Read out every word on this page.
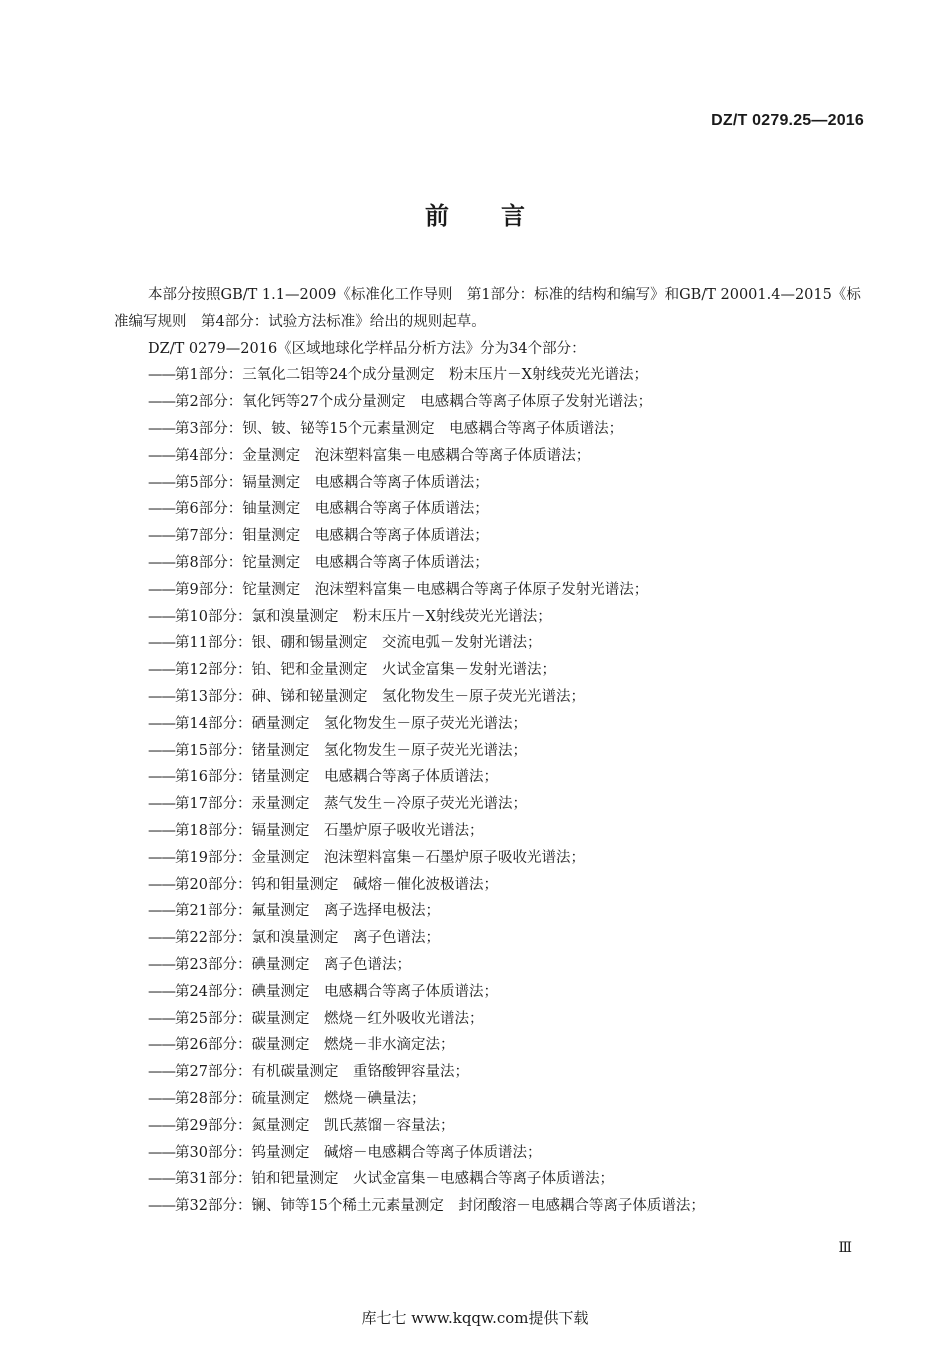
DZ/T 0279.25—2016
前言

本部分按照GB/T 1.1—2009《标准化工作导则　第1部分：标准的结构和编写》和GB/T 20001.4—2015《标准编写规则　第4部分：试验方法标准》给出的规则起草。

DZ/T 0279—2016《区域地球化学样品分析方法》分为34个部分：

——第1部分：三氧化二铝等24个成分量测定　粉末压片－X射线荧光光谱法；
——第2部分：氧化钙等27个成分量测定　电感耦合等离子体原子发射光谱法；
——第3部分：钡、铍、铋等15个元素量测定　电感耦合等离子体质谱法；
——第4部分：金量测定　泡沫塑料富集－电感耦合等离子体质谱法；
——第5部分：镉量测定　电感耦合等离子体质谱法；
——第6部分：铀量测定　电感耦合等离子体质谱法；
——第7部分：钼量测定　电感耦合等离子体质谱法；
——第8部分：铊量测定　电感耦合等离子体质谱法；
——第9部分：铊量测定　泡沫塑料富集－电感耦合等离子体原子发射光谱法；
——第10部分：氯和溴量测定　粉末压片－X射线荧光光谱法；
——第11部分：银、硼和锡量测定　交流电弧－发射光谱法；
——第12部分：铂、钯和金量测定　火试金富集－发射光谱法；
——第13部分：砷、锑和铋量测定　氢化物发生－原子荧光光谱法；
——第14部分：硒量测定　氢化物发生－原子荧光光谱法；
——第15部分：锗量测定　氢化物发生－原子荧光光谱法；
——第16部分：锗量测定　电感耦合等离子体质谱法；
——第17部分：汞量测定　蒸气发生－冷原子荧光光谱法；
——第18部分：镉量测定　石墨炉原子吸收光谱法；
——第19部分：金量测定　泡沫塑料富集－石墨炉原子吸收光谱法；
——第20部分：钨和钼量测定　碱熔－催化波极谱法；
——第21部分：氟量测定　离子选择电极法；
——第22部分：氯和溴量测定　离子色谱法；
——第23部分：碘量测定　离子色谱法；
——第24部分：碘量测定　电感耦合等离子体质谱法；
——第25部分：碳量测定　燃烧－红外吸收光谱法；
——第26部分：碳量测定　燃烧－非水滴定法；
——第27部分：有机碳量测定　重铬酸钾容量法；
——第28部分：硫量测定　燃烧－碘量法；
——第29部分：氮量测定　凯氏蒸馏－容量法；
——第30部分：钨量测定　碱熔－电感耦合等离子体质谱法；
——第31部分：铂和钯量测定　火试金富集－电感耦合等离子体质谱法；
——第32部分：镧、铈等15个稀土元素量测定　封闭酸溶－电感耦合等离子体质谱法；
Ⅲ
库七七 www.kqqw.com提供下载
